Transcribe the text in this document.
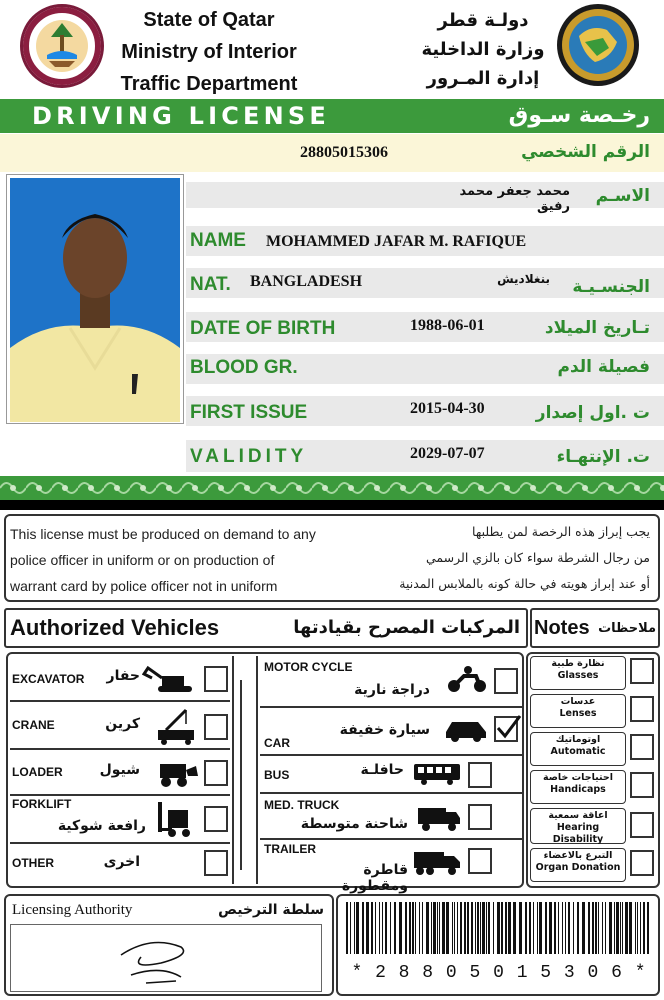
State of Qatar
Ministry of Interior
Traffic Department
دولـة قطر
وزارة الداخلية
إدارة المـرور
DRIVING LICENSE	رخـصة سـوق
28805015306	الرقم الشخصي
محمد جعفر محمد رفيق
الاسـم
NAME MOHAMMED JAFAR M. RAFIQUE
NAT. BANGLADESH	بنغلاديش	الجنسـيـة
DATE OF BIRTH	1988-06-01	تـاريخ الميلاد
BLOOD GR.	فصيلة الدم
FIRST ISSUE	2015-04-30	ت .اول إصدار
VALIDITY	2029-07-07	ت. الإنتهـاء
This license must be produced on demand to any
police officer in uniform or on production of
warrant card by police officer not in uniform
يجب إبراز هذه الرخصة لمن يطلبها
من رجال الشرطة سواء كان بالزي الرسمي
أو عند إبراز هويته في حالة كونه بالملابس المدنية
Authorized Vehicles	المركبات المصرح بقيادتها Notes ملاحظات
EXCAVATOR	حفار
CRANE	كرين
LOADER	شيول
FORKLIFT
رافعة شوكية
OTHER	اخرى
MOTOR CYCLE
دراجة نارية
CAR
سيارة خفيفة
BUS	حافلـة
MED. TRUCK
شاحنة متوسطة
TRAILER
قاطرة ومقطورة
نظارة طبية
Glasses
عدسات
Lenses
اوتوماتيك
Automatic
احتياجات خاصة
Handicaps
اعاقة سمعية
Hearing Disability
التبرع بالاعضاء
Organ Donation
Licensing Authority	سلطة الترخيص
* 2 8 8 0 5 0 1 5 3 0 6 *
